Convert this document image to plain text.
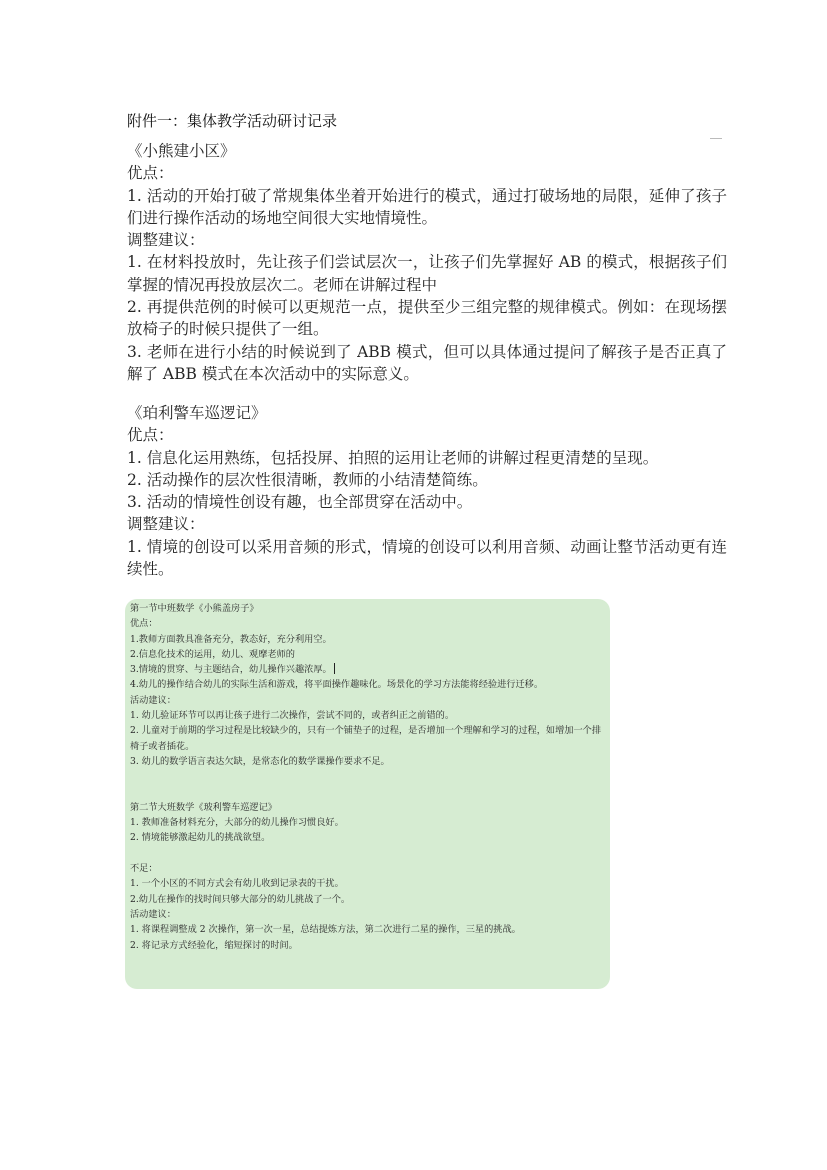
附件一：集体教学活动研讨记录

《小熊建小区》

优点：

1. 活动的开始打破了常规集体坐着开始进行的模式，通过打破场地的局限，延伸了孩子们进行操作活动的场地空间很大实地情境性。

调整建议：

1. 在材料投放时，先让孩子们尝试层次一，让孩子们先掌握好 AB 的模式，根据孩子们掌握的情况再投放层次二。老师在讲解过程中

2. 再提供范例的时候可以更规范一点，提供至少三组完整的规律模式。例如：在现场摆放椅子的时候只提供了一组。

3. 老师在进行小结的时候说到了 ABB 模式，但可以具体通过提问了解孩子是否正真了解了 ABB 模式在本次活动中的实际意义。

《珀利警车巡逻记》

优点：

1. 信息化运用熟练，包括投屏、拍照的运用让老师的讲解过程更清楚的呈现。

2. 活动操作的层次性很清晰，教师的小结清楚简练。

3. 活动的情境性创设有趣，也全部贯穿在活动中。

调整建议：

1. 情境的创设可以采用音频的形式，情境的创设可以利用音频、动画让整节活动更有连续性。

第一节中班数学《小熊盖房子》

优点：

1.教师方面教具准备充分，教态好，充分利用空。

2.信息化技术的运用，幼儿、观摩老师的

3.情境的贯穿、与主题结合，幼儿操作兴趣浓厚。

4.幼儿的操作结合幼儿的实际生活和游戏，将平面操作趣味化。场景化的学习方法能将经验进行迁移。

活动建议：

1. 幼儿验证环节可以再让孩子进行二次操作，尝试不同的，或者纠正之前错的。

2. 儿童对于前期的学习过程是比较缺少的，只有一个铺垫子的过程，是否增加一个理解和学习的过程，如增加一个排椅子或者插花。

3. 幼儿的数学语言表达欠缺，是常态化的数学课操作要求不足。

第二节大班数学《玻利警车巡逻记》

1. 教师准备材料充分，大部分的幼儿操作习惯良好。

2. 情境能够激起幼儿的挑战欲望。

不足：

1. 一个小区的不同方式会有幼儿收到记录表的干扰。

2.幼儿在操作的找时间只够大部分的幼儿挑战了一个。

活动建议：

1. 将课程调整成 2 次操作，第一次一星，总结提炼方法，第二次进行二星的操作，三星的挑战。

2. 将记录方式经验化，缩短探讨的时间。
